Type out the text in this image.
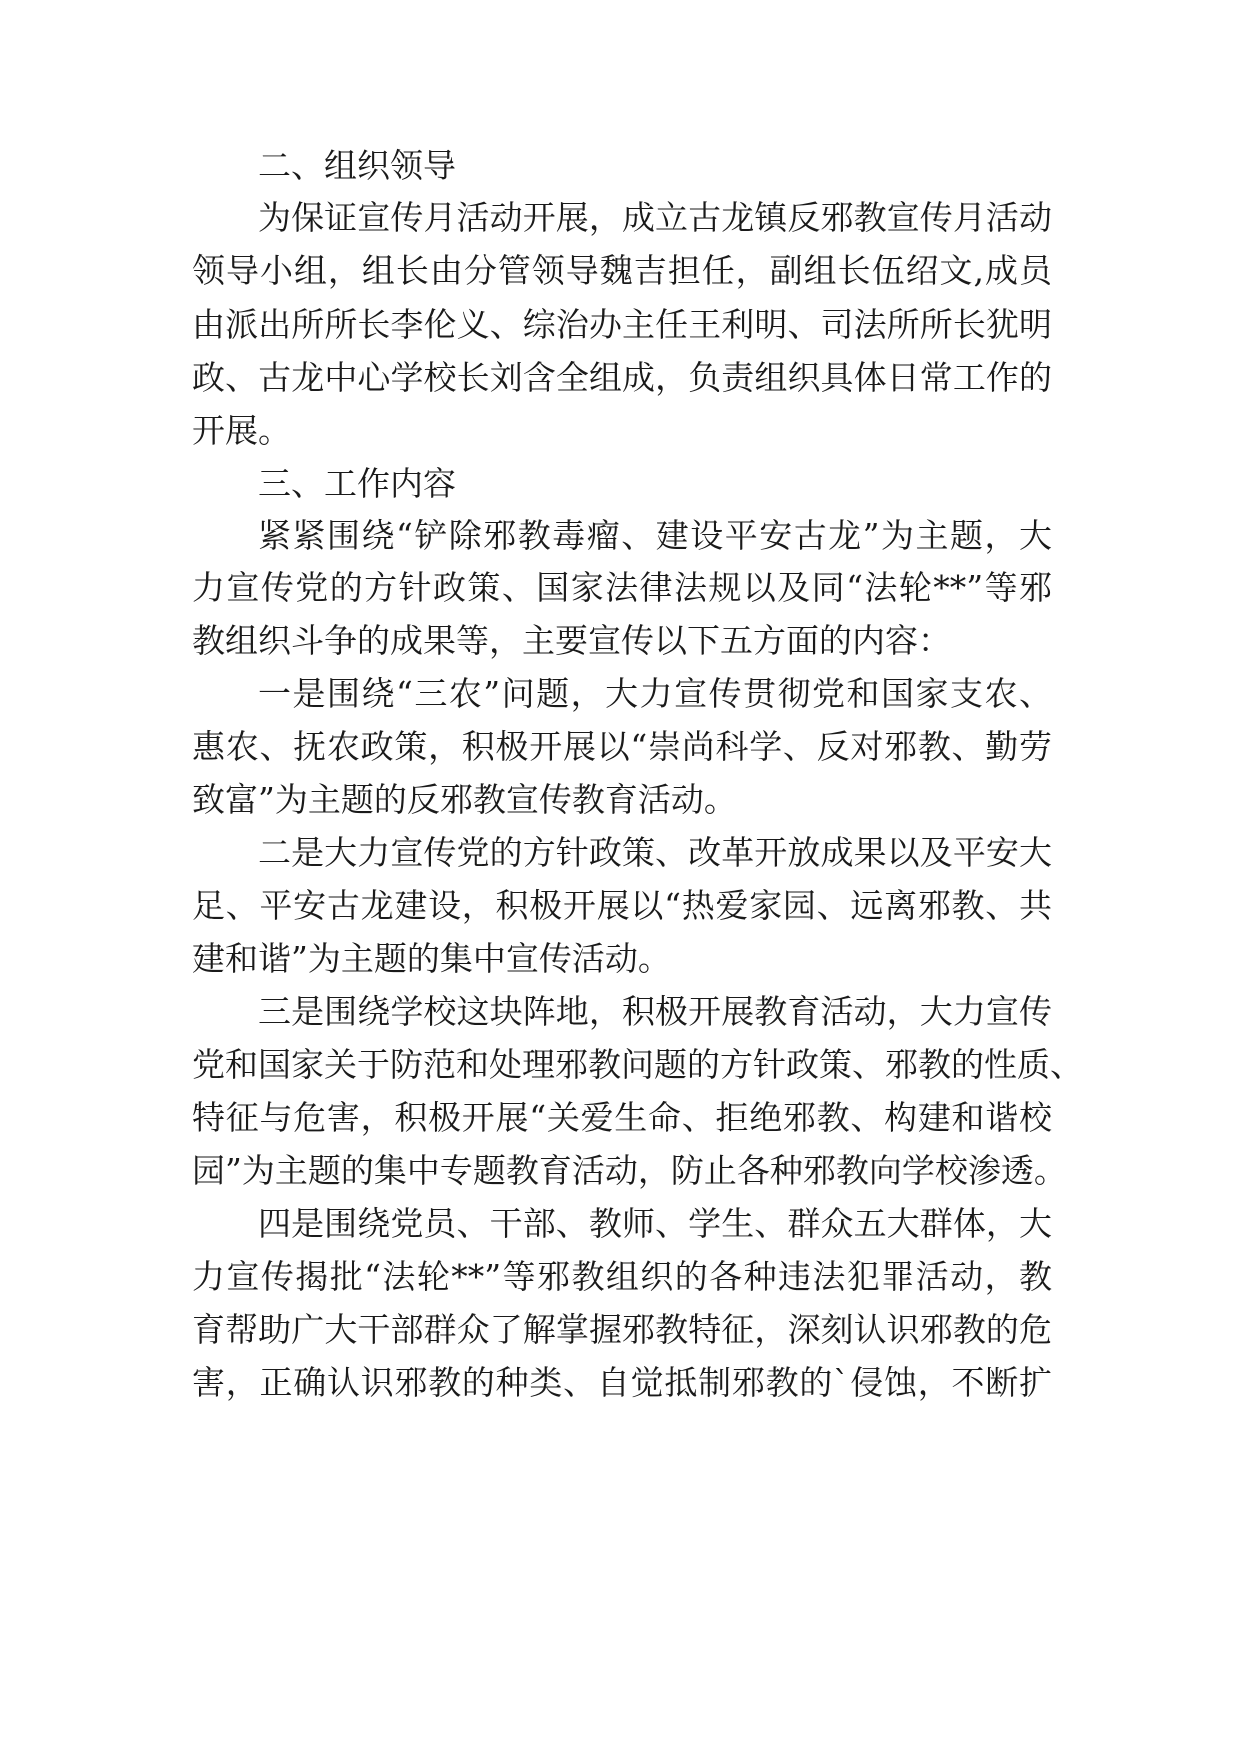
二、组织领导
为保证宣传月活动开展，成立古龙镇反邪教宣传月活动
领导小组，组长由分管领导魏吉担任，副组长伍绍文,成员
由派出所所长李伦义、综治办主任王利明、司法所所长犹明
政、古龙中心学校长刘含全组成，负责组织具体日常工作的
开展。
三、工作内容
紧紧围绕“铲除邪教毒瘤、建设平安古龙”为主题，大
力宣传党的方针政策、国家法律法规以及同“法轮**”等邪
教组织斗争的成果等，主要宣传以下五方面的内容：
一是围绕“三农”问题，大力宣传贯彻党和国家支农、
惠农、抚农政策，积极开展以“崇尚科学、反对邪教、勤劳
致富”为主题的反邪教宣传教育活动。
二是大力宣传党的方针政策、改革开放成果以及平安大
足、平安古龙建设，积极开展以“热爱家园、远离邪教、共
建和谐”为主题的集中宣传活动。
三是围绕学校这块阵地，积极开展教育活动，大力宣传
党和国家关于防范和处理邪教问题的方针政策、邪教的性质、
特征与危害，积极开展“关爱生命、拒绝邪教、构建和谐校
园”为主题的集中专题教育活动，防止各种邪教向学校渗透。
四是围绕党员、干部、教师、学生、群众五大群体，大
力宣传揭批“法轮**”等邪教组织的各种违法犯罪活动，教
育帮助广大干部群众了解掌握邪教特征，深刻认识邪教的危
害，正确认识邪教的种类、自觉抵制邪教的`侵蚀，不断扩
